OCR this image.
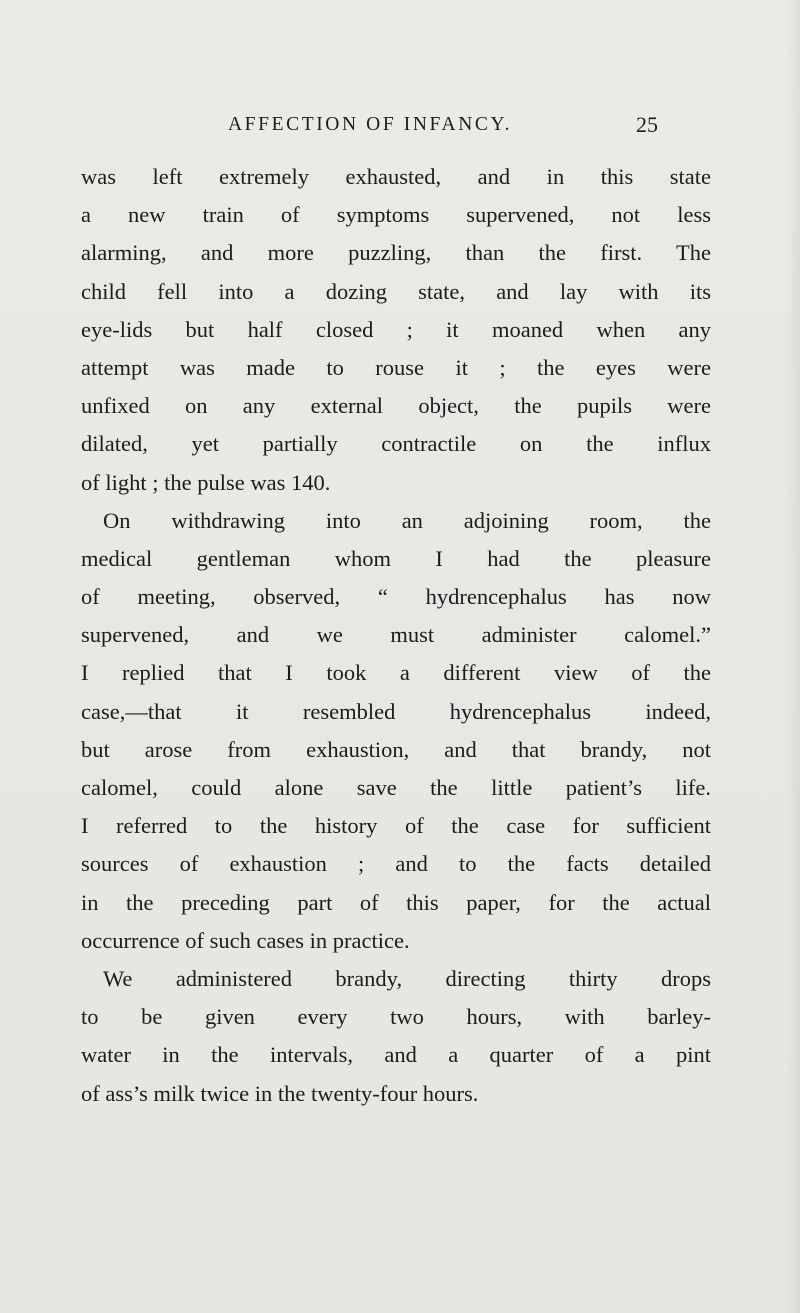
AFFECTION OF INFANCY.	25
was left extremely exhausted, and in this state
a new train of symptoms supervened, not less
alarming, and more puzzling, than the first. The
child fell into a dozing state, and lay with its
eye-lids but half closed ; it moaned when any
attempt was made to rouse it ; the eyes were
unfixed on any external object, the pupils were
dilated, yet partially contractile on the influx
of light ; the pulse was 140.
On withdrawing into an adjoining room, the
medical gentleman whom I had the pleasure
of meeting, observed, “ hydrencephalus has now
supervened, and we must administer calomel.”
I replied that I took a different view of the
case,—that it resembled hydrencephalus indeed,
but arose from exhaustion, and that brandy, not
calomel, could alone save the little patient’s life.
I referred to the history of the case for sufficient
sources of exhaustion ; and to the facts detailed
in the preceding part of this paper, for the actual
occurrence of such cases in practice.
We administered brandy, directing thirty drops
to be given every two hours, with barley-
water in the intervals, and a quarter of a pint
of ass’s milk twice in the twenty-four hours.
